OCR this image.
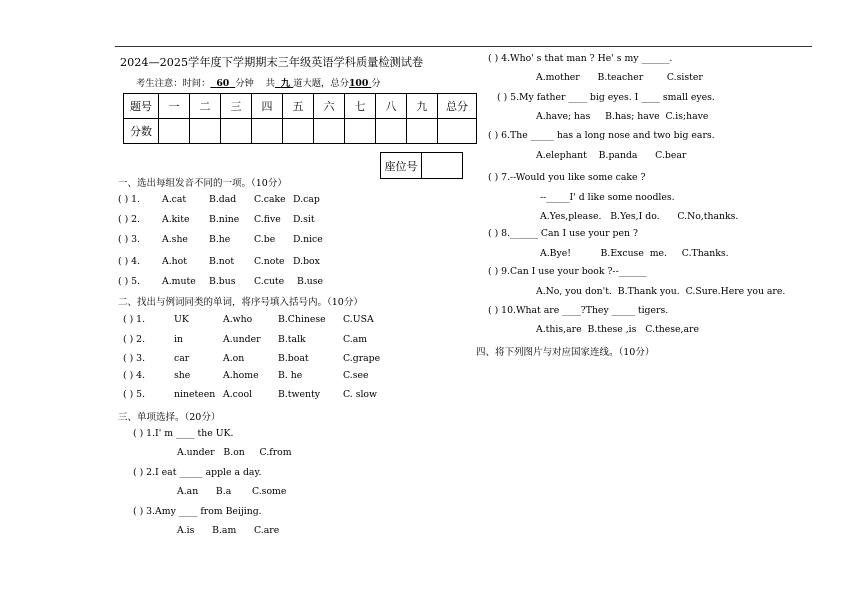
2024—2025学年度下学期期末三年级英语学科质量检测试卷
考生注意：时间： 60 分钟 共 九 道大题，总分100 分
题号	一	二	三	四	五	六	七	八	九	总分
分数										
座位号	
一、选出每组发音不同的一项。（10分）
( ) 1. A.cat B.dad C.cake D.cap
( ) 2. A.kite B.nine C.five D.sit
( ) 3. A.she B.he	C.be D.nice
( ) 4. A.hot B.not C.note D.box
( ) 5. A.mute B.bus C.cute B.use
二、找出与例词同类的单词，将序号填入括号内。（10分）
( ) 1.	UK	A.who	B.Chinese C.USA
( ) 2.	in	A.under B.talk	C.am
( ) 3.	car	A.on	B.boat	C.grape
( ) 4.	she	A.home B. he	C.see
( ) 5.	nineteen A.cool	B.twenty C. slow
三、单项选择。（20分）
( ) 1.I' m ____ the UK.
A.under   B.on     C.from
( ) 2.I eat _____ apple a day.
A.an      B.a       C.some
( ) 3.Amy ____ from Beijing.
A.is      B.am      C.are
( ) 4.Who' s that man ? He' s my ______.
A.mother      B.teacher        C.sister
( ) 5.My father ____ big eyes. I ____ small eyes.
A.have; has     B.has; have  C.is;have
( ) 6.The _____ has a long nose and two big ears.
A.elephant    B.panda      C.bear
( ) 7.--Would you like some cake ?
--_____I' d like some noodles.
A.Yes,please.   B.Yes,I do.      C.No,thanks.
( ) 8.______ Can I use your pen ?
A.Bye!          B.Excuse  me.     C.Thanks.
( ) 9.Can I use your book ?--______
A.No, you don't.  B.Thank you.  C.Sure.Here you are.
( ) 10.What are ____?They _____ tigers.
A.this,are  B.these ,is   C.these,are
四、将下列图片与对应国家连线。（10分）
